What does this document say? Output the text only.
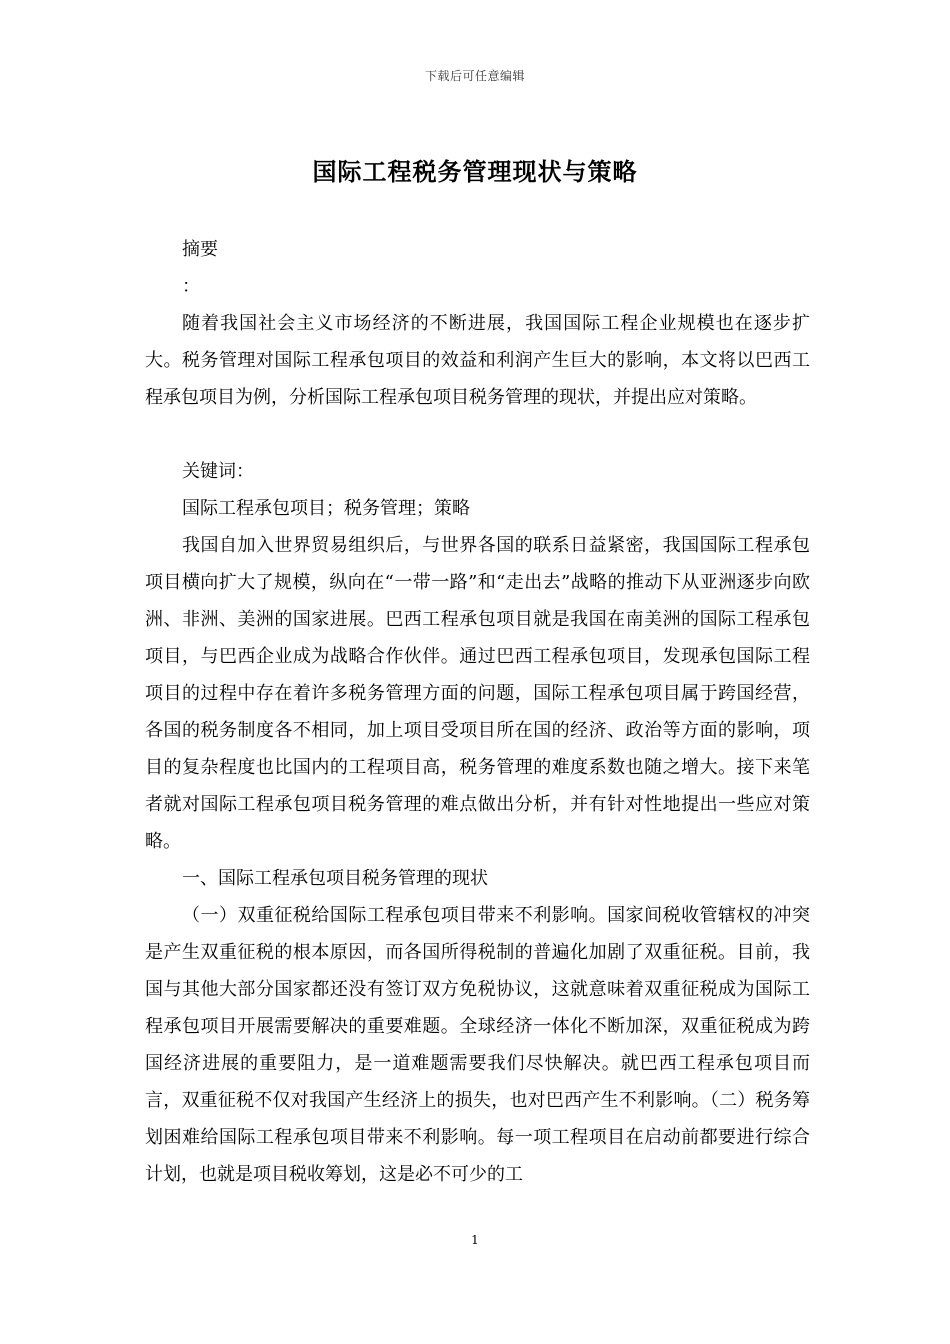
下载后可任意编辑
国际工程税务管理现状与策略
摘要
：

随着我国社会主义市场经济的不断进展，我国国际工程企业规模也在逐步扩大。税务管理对国际工程承包项目的效益和利润产生巨大的影响，本文将以巴西工程承包项目为例，分析国际工程承包项目税务管理的现状，并提出应对策略。

关键词：
国际工程承包项目；税务管理；策略

我国自加入世界贸易组织后，与世界各国的联系日益紧密，我国国际工程承包项目横向扩大了规模，纵向在“一带一路”和“走出去”战略的推动下从亚洲逐步向欧洲、非洲、美洲的国家进展。巴西工程承包项目就是我国在南美洲的国际工程承包项目，与巴西企业成为战略合作伙伴。通过巴西工程承包项目，发现承包国际工程项目的过程中存在着许多税务管理方面的问题，国际工程承包项目属于跨国经营，各国的税务制度各不相同，加上项目受项目所在国的经济、政治等方面的影响，项目的复杂程度也比国内的工程项目高，税务管理的难度系数也随之增大。接下来笔者就对国际工程承包项目税务管理的难点做出分析，并有针对性地提出一些应对策略。

一、国际工程承包项目税务管理的现状

（一）双重征税给国际工程承包项目带来不利影响。国家间税收管辖权的冲突是产生双重征税的根本原因，而各国所得税制的普遍化加剧了双重征税。目前，我国与其他大部分国家都还没有签订双方免税协议，这就意味着双重征税成为国际工程承包项目开展需要解决的重要难题。全球经济一体化不断加深，双重征税成为跨国经济进展的重要阻力，是一道难题需要我们尽快解决。就巴西工程承包项目而言，双重征税不仅对我国产生经济上的损失，也对巴西产生不利影响。（二）税务筹划困难给国际工程承包项目带来不利影响。每一项工程项目在启动前都要进行综合计划，也就是项目税收筹划，这是必不可少的工

1
